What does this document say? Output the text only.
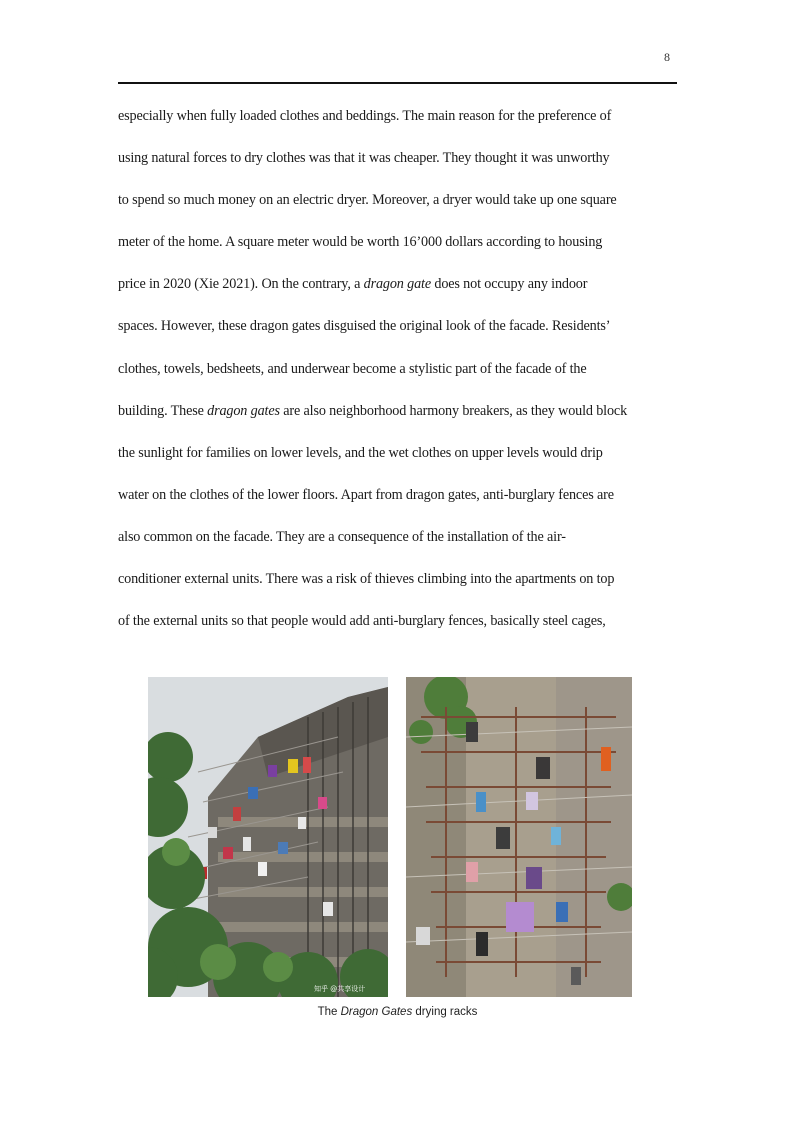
8
especially when fully loaded clothes and beddings. The main reason for the preference of
using natural forces to dry clothes was that it was cheaper. They thought it was unworthy
to spend so much money on an electric dryer. Moreover, a dryer would take up one square
meter of the home. A square meter would be worth 16’000 dollars according to housing
price in 2020 (Xie 2021). On the contrary, a dragon gate does not occupy any indoor
spaces. However, these dragon gates disguised the original look of the facade. Residents’
clothes, towels, bedsheets, and underwear become a stylistic part of the facade of the
building. These dragon gates are also neighborhood harmony breakers, as they would block
the sunlight for families on lower levels, and the wet clothes on upper levels would drip
water on the clothes of the lower floors. Apart from dragon gates, anti-burglary fences are
also common on the facade. They are a consequence of the installation of the air-
conditioner external units. There was a risk of thieves climbing into the apartments on top
of the external units so that people would add anti-burglary fences, basically steel cages,
知乎 @共享设计
The Dragon Gates drying racks
